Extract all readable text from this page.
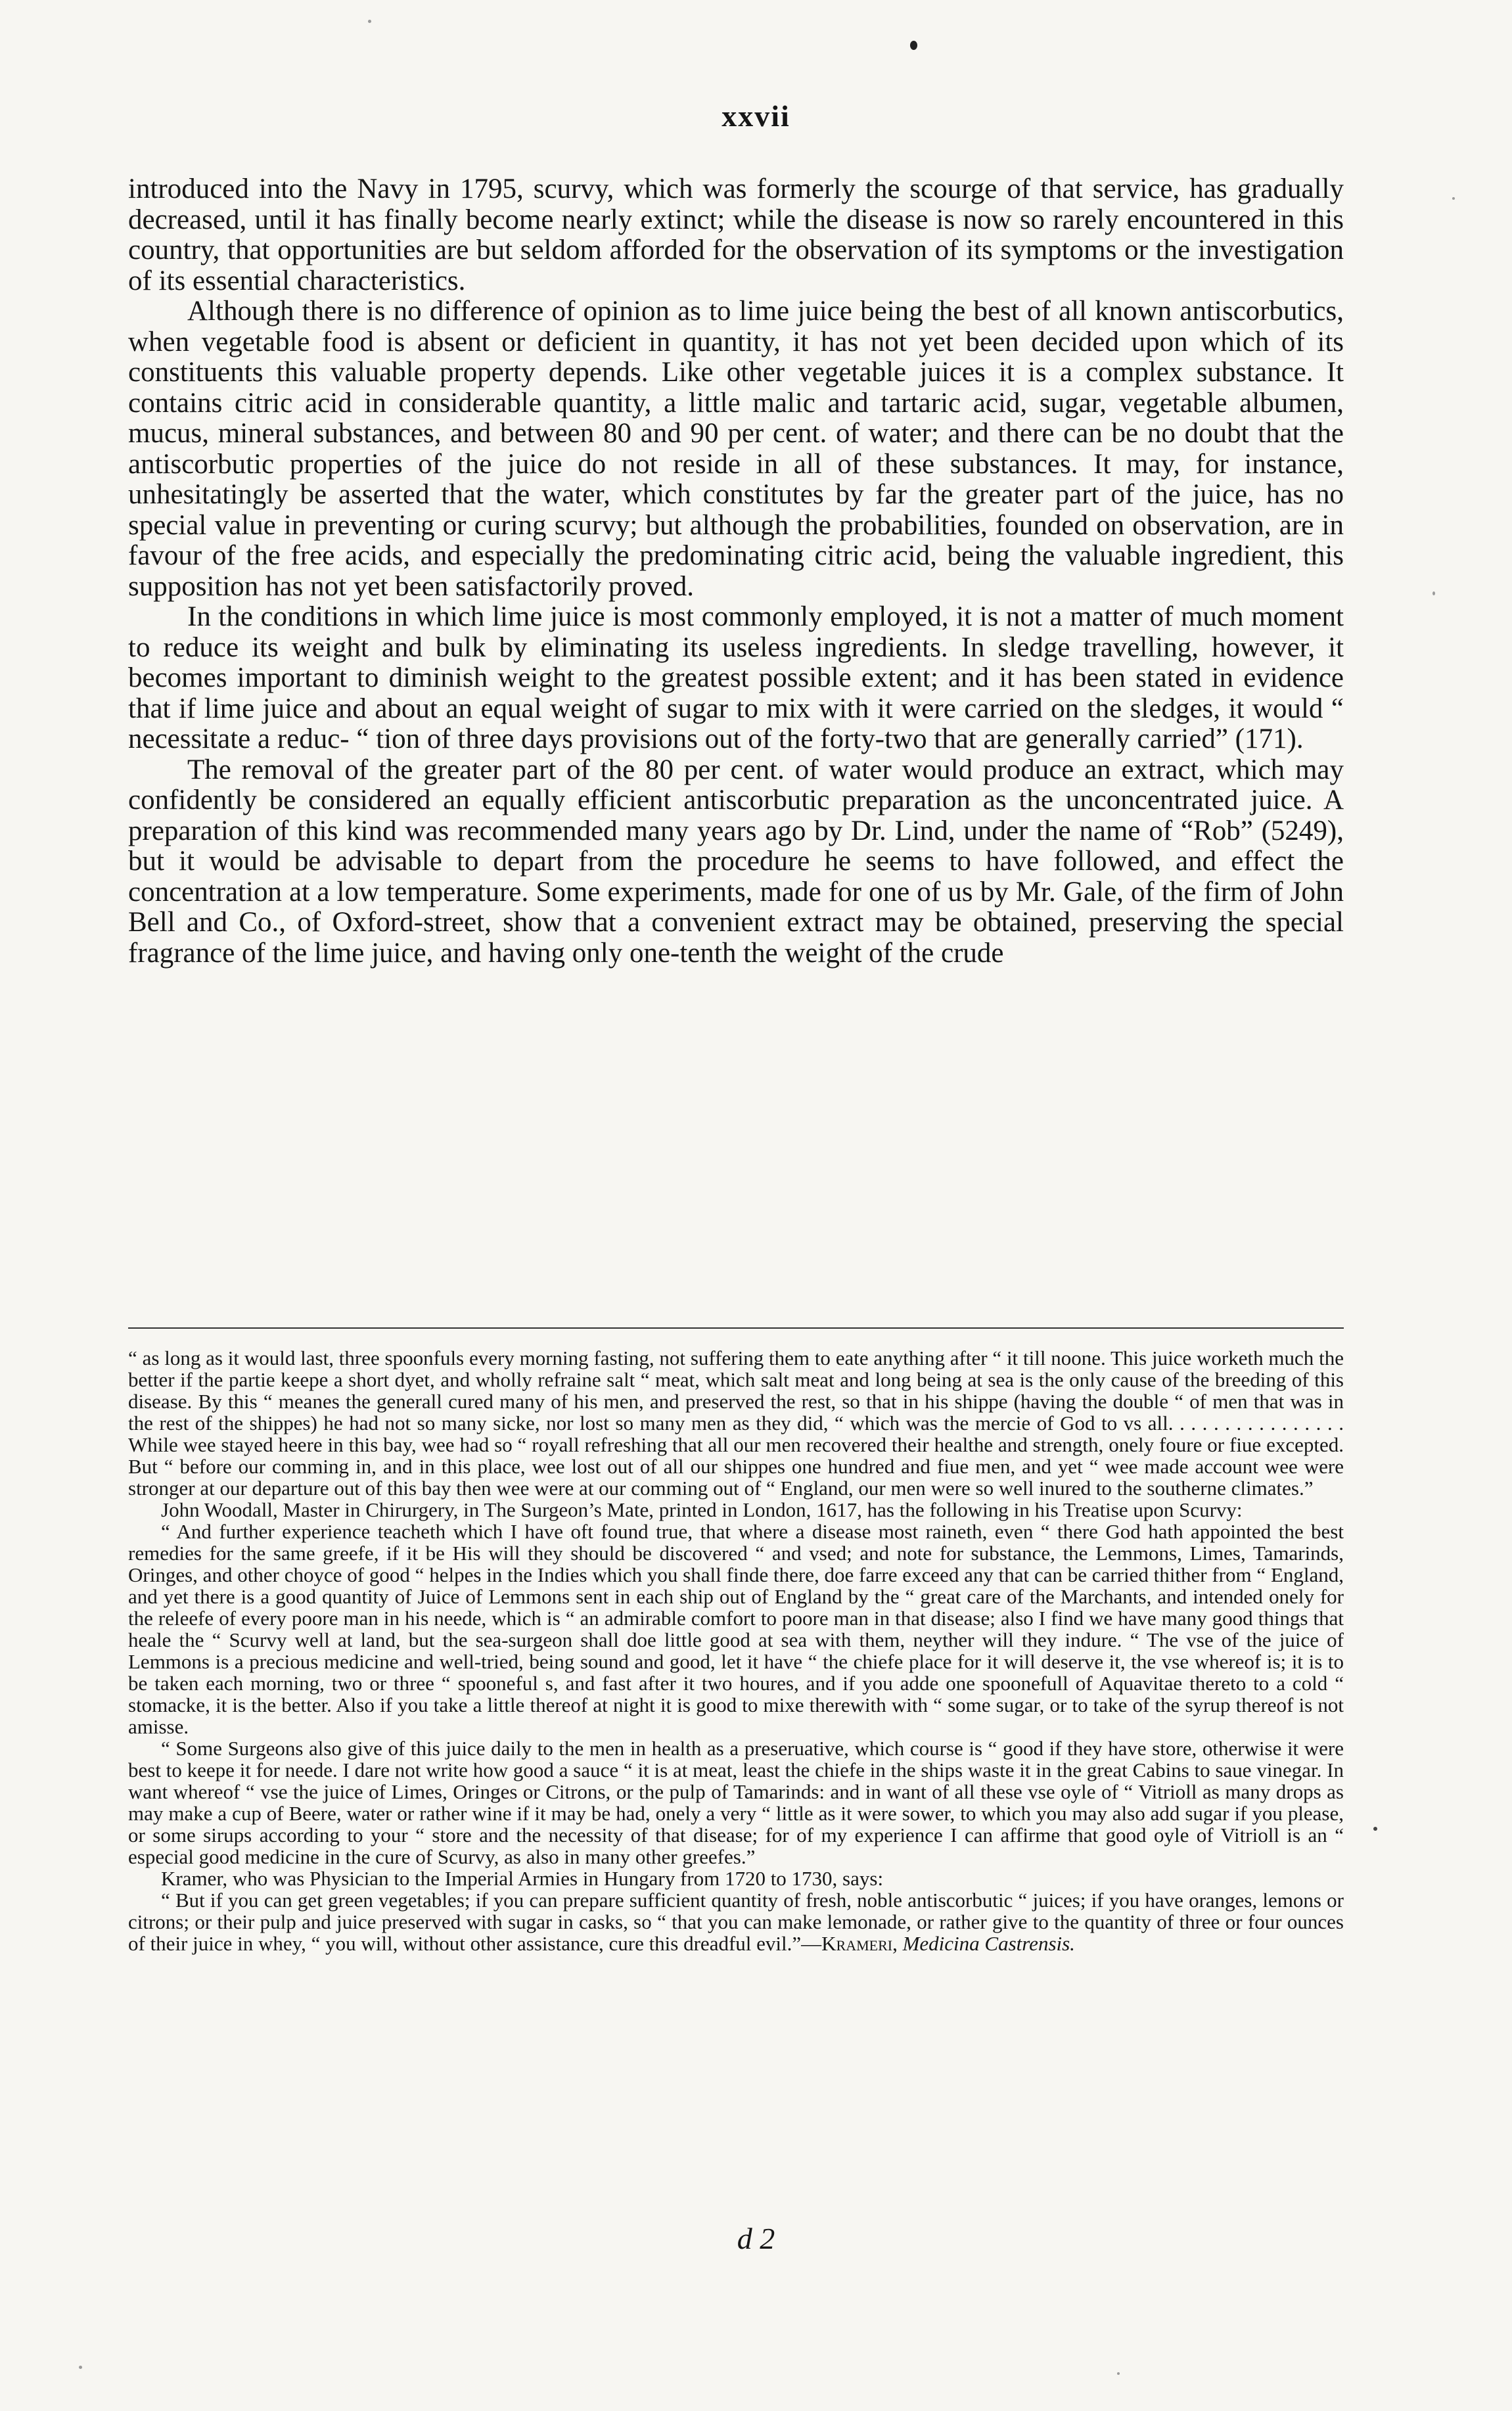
xxvii

introduced into the Navy in 1795, scurvy, which was formerly the scourge of that service, has gradually decreased, until it has finally become nearly extinct; while the disease is now so rarely encountered in this country, that opportunities are but seldom afforded for the observation of its symptoms or the investigation of its essential characteristics.

Although there is no difference of opinion as to lime juice being the best of all known antiscorbutics, when vegetable food is absent or deficient in quantity, it has not yet been decided upon which of its constituents this valuable property depends. Like other vegetable juices it is a complex substance. It contains citric acid in considerable quantity, a little malic and tartaric acid, sugar, vegetable albumen, mucus, mineral substances, and between 80 and 90 per cent. of water; and there can be no doubt that the antiscorbutic properties of the juice do not reside in all of these substances. It may, for instance, unhesitatingly be asserted that the water, which constitutes by far the greater part of the juice, has no special value in preventing or curing scurvy; but although the probabilities, founded on observation, are in favour of the free acids, and especially the predominating citric acid, being the valuable ingredient, this supposition has not yet been satisfactorily proved.

In the conditions in which lime juice is most commonly employed, it is not a matter of much moment to reduce its weight and bulk by eliminating its useless ingredients. In sledge travelling, however, it becomes important to diminish weight to the greatest possible extent; and it has been stated in evidence that if lime juice and about an equal weight of sugar to mix with it were carried on the sledges, it would “ necessitate a reduc- “ tion of three days provisions out of the forty-two that are generally carried” (171).

The removal of the greater part of the 80 per cent. of water would produce an extract, which may confidently be considered an equally efficient antiscorbutic preparation as the unconcentrated juice. A preparation of this kind was recommended many years ago by Dr. Lind, under the name of “Rob” (5249), but it would be advisable to depart from the procedure he seems to have followed, and effect the concentration at a low temperature. Some experiments, made for one of us by Mr. Gale, of the firm of John Bell and Co., of Oxford-street, show that a convenient extract may be obtained, preserving the special fragrance of the lime juice, and having only one-tenth the weight of the crude

“ as long as it would last, three spoonfuls every morning fasting, not suffering them to eate anything after “ it till noone. This juice worketh much the better if the partie keepe a short dyet, and wholly refraine salt “ meat, which salt meat and long being at sea is the only cause of the breeding of this disease. By this “ meanes the generall cured many of his men, and preserved the rest, so that in his shippe (having the double “ of men that was in the rest of the shippes) he had not so many sicke, nor lost so many men as they did, “ which was the mercie of God to vs all. . . . . . . . . . . . . . . . While wee stayed heere in this bay, wee had so “ royall refreshing that all our men recovered their healthe and strength, onely foure or fiue excepted. But “ before our comming in, and in this place, wee lost out of all our shippes one hundred and fiue men, and yet “ wee made account wee were stronger at our departure out of this bay then wee were at our comming out of “ England, our men were so well inured to the southerne climates.”

John Woodall, Master in Chirurgery, in The Surgeon’s Mate, printed in London, 1617, has the following in his Treatise upon Scurvy:

“ And further experience teacheth which I have oft found true, that where a disease most raineth, even “ there God hath appointed the best remedies for the same greefe, if it be His will they should be discovered “ and vsed; and note for substance, the Lemmons, Limes, Tamarinds, Oringes, and other choyce of good “ helpes in the Indies which you shall finde there, doe farre exceed any that can be carried thither from “ England, and yet there is a good quantity of Juice of Lemmons sent in each ship out of England by the “ great care of the Marchants, and intended onely for the releefe of every poore man in his neede, which is “ an admirable comfort to poore man in that disease; also I find we have many good things that heale the “ Scurvy well at land, but the sea-surgeon shall doe little good at sea with them, neyther will they indure. “ The vse of the juice of Lemmons is a precious medicine and well-tried, being sound and good, let it have “ the chiefe place for it will deserve it, the vse whereof is; it is to be taken each morning, two or three “ spooneful s, and fast after it two houres, and if you adde one spoonefull of Aquavitae thereto to a cold “ stomacke, it is the better. Also if you take a little thereof at night it is good to mixe therewith with “ some sugar, or to take of the syrup thereof is not amisse.

“ Some Surgeons also give of this juice daily to the men in health as a preseruative, which course is “ good if they have store, otherwise it were best to keepe it for neede. I dare not write how good a sauce “ it is at meat, least the chiefe in the ships waste it in the great Cabins to saue vinegar. In want whereof “ vse the juice of Limes, Oringes or Citrons, or the pulp of Tamarinds: and in want of all these vse oyle of “ Vitrioll as many drops as may make a cup of Beere, water or rather wine if it may be had, onely a very “ little as it were sower, to which you may also add sugar if you please, or some sirups according to your “ store and the necessity of that disease; for of my experience I can affirme that good oyle of Vitrioll is an “ especial good medicine in the cure of Scurvy, as also in many other greefes.”

Kramer, who was Physician to the Imperial Armies in Hungary from 1720 to 1730, says:

“ But if you can get green vegetables; if you can prepare sufficient quantity of fresh, noble antiscorbutic “ juices; if you have oranges, lemons or citrons; or their pulp and juice preserved with sugar in casks, so “ that you can make lemonade, or rather give to the quantity of three or four ounces of their juice in whey, “ you will, without other assistance, cure this dreadful evil.”—Krameri, Medicina Castrensis.

d 2
